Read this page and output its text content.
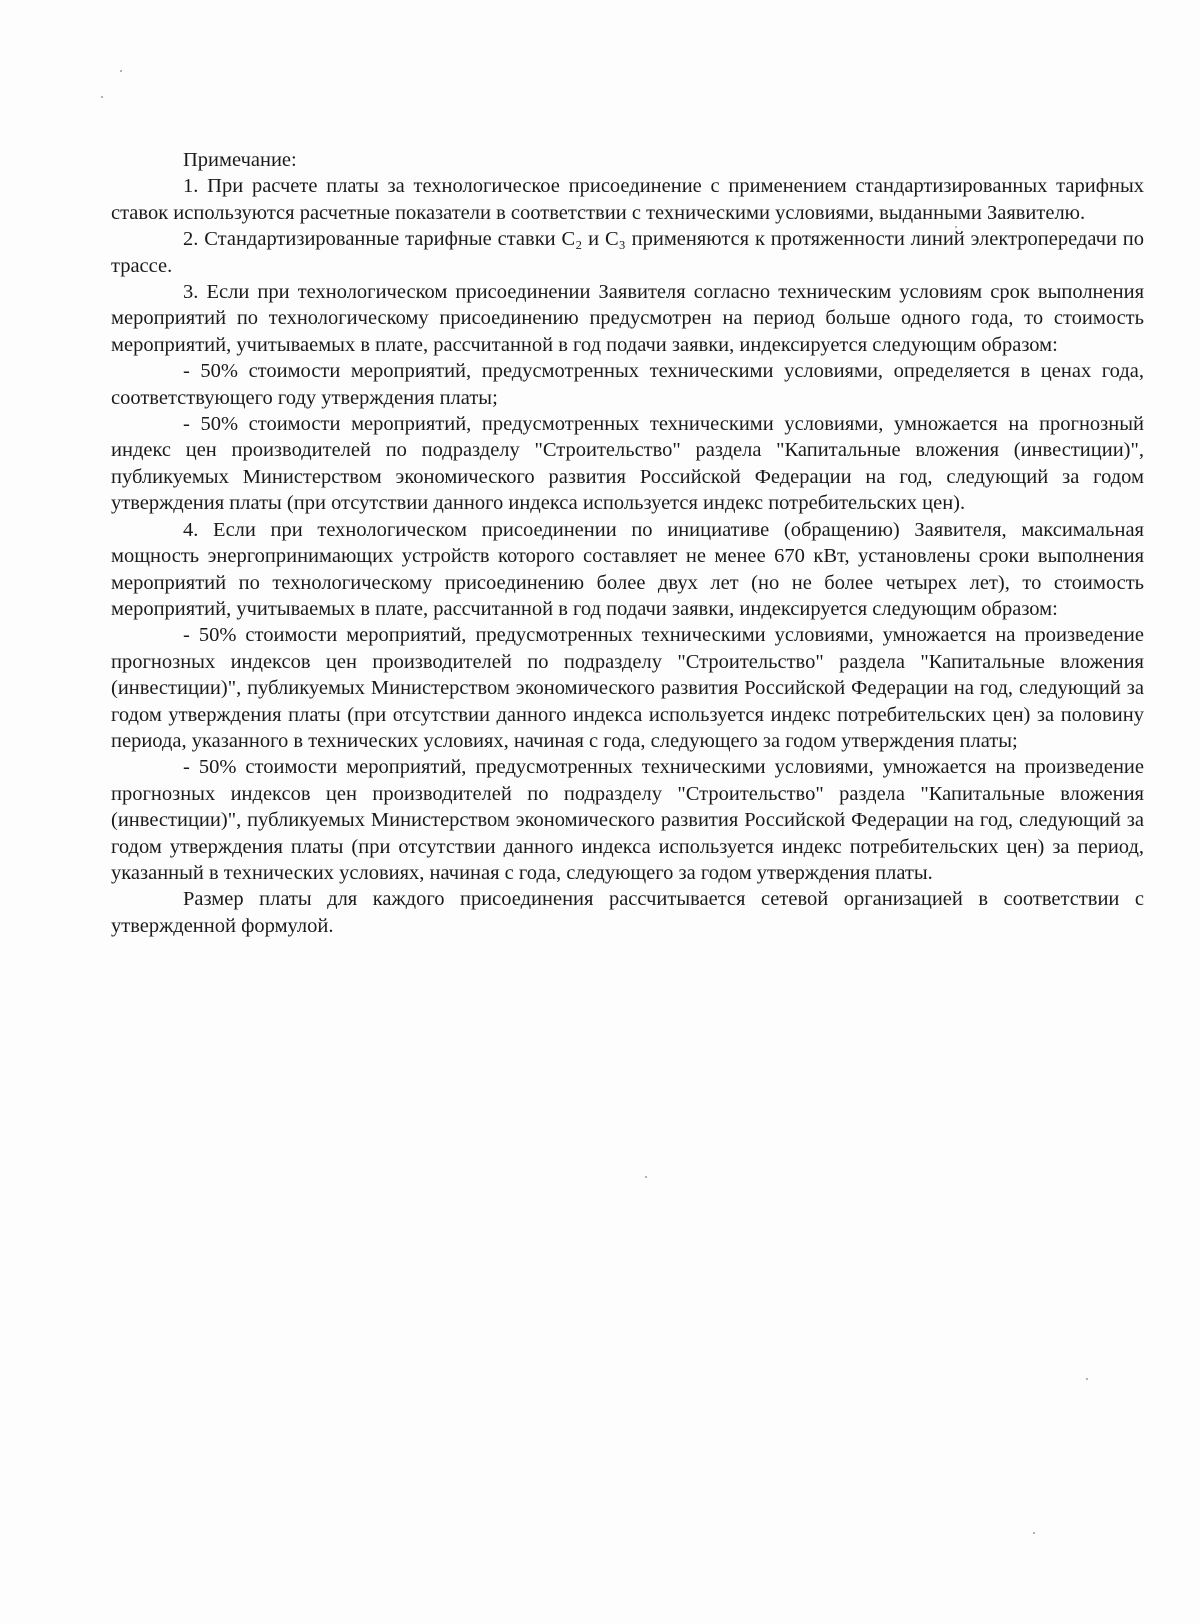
Примечание:

1. При расчете платы за технологическое присоединение с применением стандартизированных тарифных ставок используются расчетные показатели в соответствии с техническими условиями, выданными Заявителю.

2. Стандартизированные тарифные ставки С₂ и С₃ применяются к протяженности линий электропередачи по трассе.

3. Если при технологическом присоединении Заявителя согласно техническим условиям срок выполнения мероприятий по технологическому присоединению предусмотрен на период больше одного года, то стоимость мероприятий, учитываемых в плате, рассчитанной в год подачи заявки, индексируется следующим образом:

- 50% стоимости мероприятий, предусмотренных техническими условиями, определяется в ценах года, соответствующего году утверждения платы;

- 50% стоимости мероприятий, предусмотренных техническими условиями, умножается на прогнозный индекс цен производителей по подразделу "Строительство" раздела "Капитальные вложения (инвестиции)", публикуемых Министерством экономического развития Российской Федерации на год, следующий за годом утверждения платы (при отсутствии данного индекса используется индекс потребительских цен).

4. Если при технологическом присоединении по инициативе (обращению) Заявителя, максимальная мощность энергопринимающих устройств которого составляет не менее 670 кВт, установлены сроки выполнения мероприятий по технологическому присоединению более двух лет (но не более четырех лет), то стоимость мероприятий, учитываемых в плате, рассчитанной в год подачи заявки, индексируется следующим образом:

- 50% стоимости мероприятий, предусмотренных техническими условиями, умножается на произведение прогнозных индексов цен производителей по подразделу "Строительство" раздела "Капитальные вложения (инвестиции)", публикуемых Министерством экономического развития Российской Федерации на год, следующий за годом утверждения платы (при отсутствии данного индекса используется индекс потребительских цен) за половину периода, указанного в технических условиях, начиная с года, следующего за годом утверждения платы;

- 50% стоимости мероприятий, предусмотренных техническими условиями, умножается на произведение прогнозных индексов цен производителей по подразделу "Строительство" раздела "Капитальные вложения (инвестиции)", публикуемых Министерством экономического развития Российской Федерации на год, следующий за годом утверждения платы (при отсутствии данного индекса используется индекс потребительских цен) за период, указанный в технических условиях, начиная с года, следующего за годом утверждения платы.

Размер платы для каждого присоединения рассчитывается сетевой организацией в соответствии с утвержденной формулой.
